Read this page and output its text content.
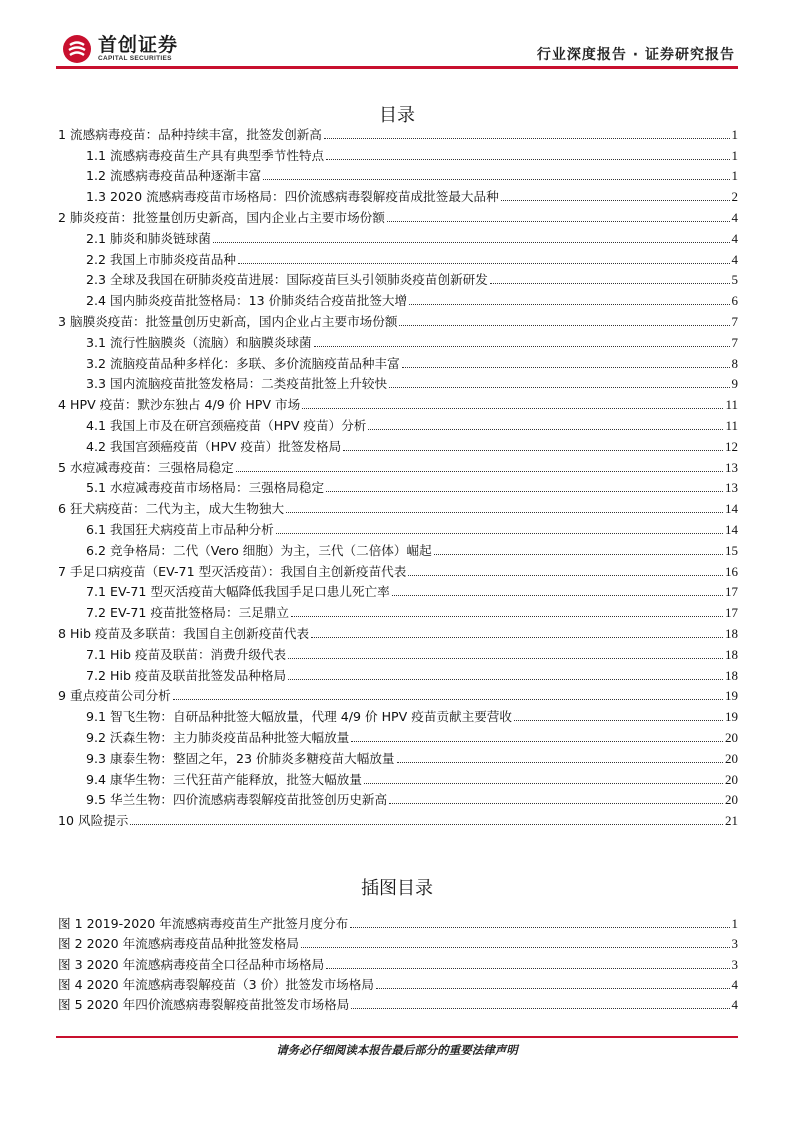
首创证券
CAPITAL SECURITIES	行业深度报告 · 证券研究报告
目录
1 流感病毒疫苗：品种持续丰富，批签发创新高	1
1.1 流感病毒疫苗生产具有典型季节性特点	1
1.2 流感病毒疫苗品种逐渐丰富	1
1.3 2020 流感病毒疫苗市场格局：四价流感病毒裂解疫苗成批签最大品种	2
2 肺炎疫苗：批签量创历史新高，国内企业占主要市场份额	4
2.1 肺炎和肺炎链球菌	4
2.2 我国上市肺炎疫苗品种	4
2.3 全球及我国在研肺炎疫苗进展：国际疫苗巨头引领肺炎疫苗创新研发	5
2.4 国内肺炎疫苗批签格局：13 价肺炎结合疫苗批签大增	6
3 脑膜炎疫苗：批签量创历史新高，国内企业占主要市场份额	7
3.1 流行性脑膜炎（流脑）和脑膜炎球菌	7
3.2 流脑疫苗品种多样化：多联、多价流脑疫苗品种丰富	8
3.3 国内流脑疫苗批签发格局：二类疫苗批签上升较快	9
4 HPV 疫苗：默沙东独占 4/9 价 HPV 市场	11
4.1 我国上市及在研宫颈癌疫苗（HPV 疫苗）分析	11
4.2 我国宫颈癌疫苗（HPV 疫苗）批签发格局	12
5 水痘减毒疫苗：三强格局稳定	13
5.1 水痘减毒疫苗市场格局：三强格局稳定	13
6 狂犬病疫苗：二代为主，成大生物独大	14
6.1 我国狂犬病疫苗上市品种分析	14
6.2 竞争格局：二代（Vero 细胞）为主，三代（二倍体）崛起	15
7 手足口病疫苗（EV-71 型灭活疫苗）：我国自主创新疫苗代表	16
7.1 EV-71 型灭活疫苗大幅降低我国手足口患儿死亡率	17
7.2 EV-71 疫苗批签格局：三足鼎立	17
8 Hib 疫苗及多联苗：我国自主创新疫苗代表	18
7.1 Hib 疫苗及联苗：消费升级代表	18
7.2 Hib 疫苗及联苗批签发品种格局	18
9 重点疫苗公司分析	19
9.1 智飞生物：自研品种批签大幅放量，代理 4/9 价 HPV 疫苗贡献主要营收	19
9.2 沃森生物：主力肺炎疫苗品种批签大幅放量	20
9.3 康泰生物：整固之年，23 价肺炎多糖疫苗大幅放量	20
9.4 康华生物：三代狂苗产能释放，批签大幅放量	20
9.5 华兰生物：四价流感病毒裂解疫苗批签创历史新高	20
10 风险提示	21
插图目录
图 1 2019-2020 年流感病毒疫苗生产批签月度分布	1
图 2 2020 年流感病毒疫苗品种批签发格局	3
图 3 2020 年流感病毒疫苗全口径品种市场格局	3
图 4 2020 年流感病毒裂解疫苗（3 价）批签发市场格局	4
图 5 2020 年四价流感病毒裂解疫苗批签发市场格局	4
请务必仔细阅读本报告最后部分的重要法律声明
